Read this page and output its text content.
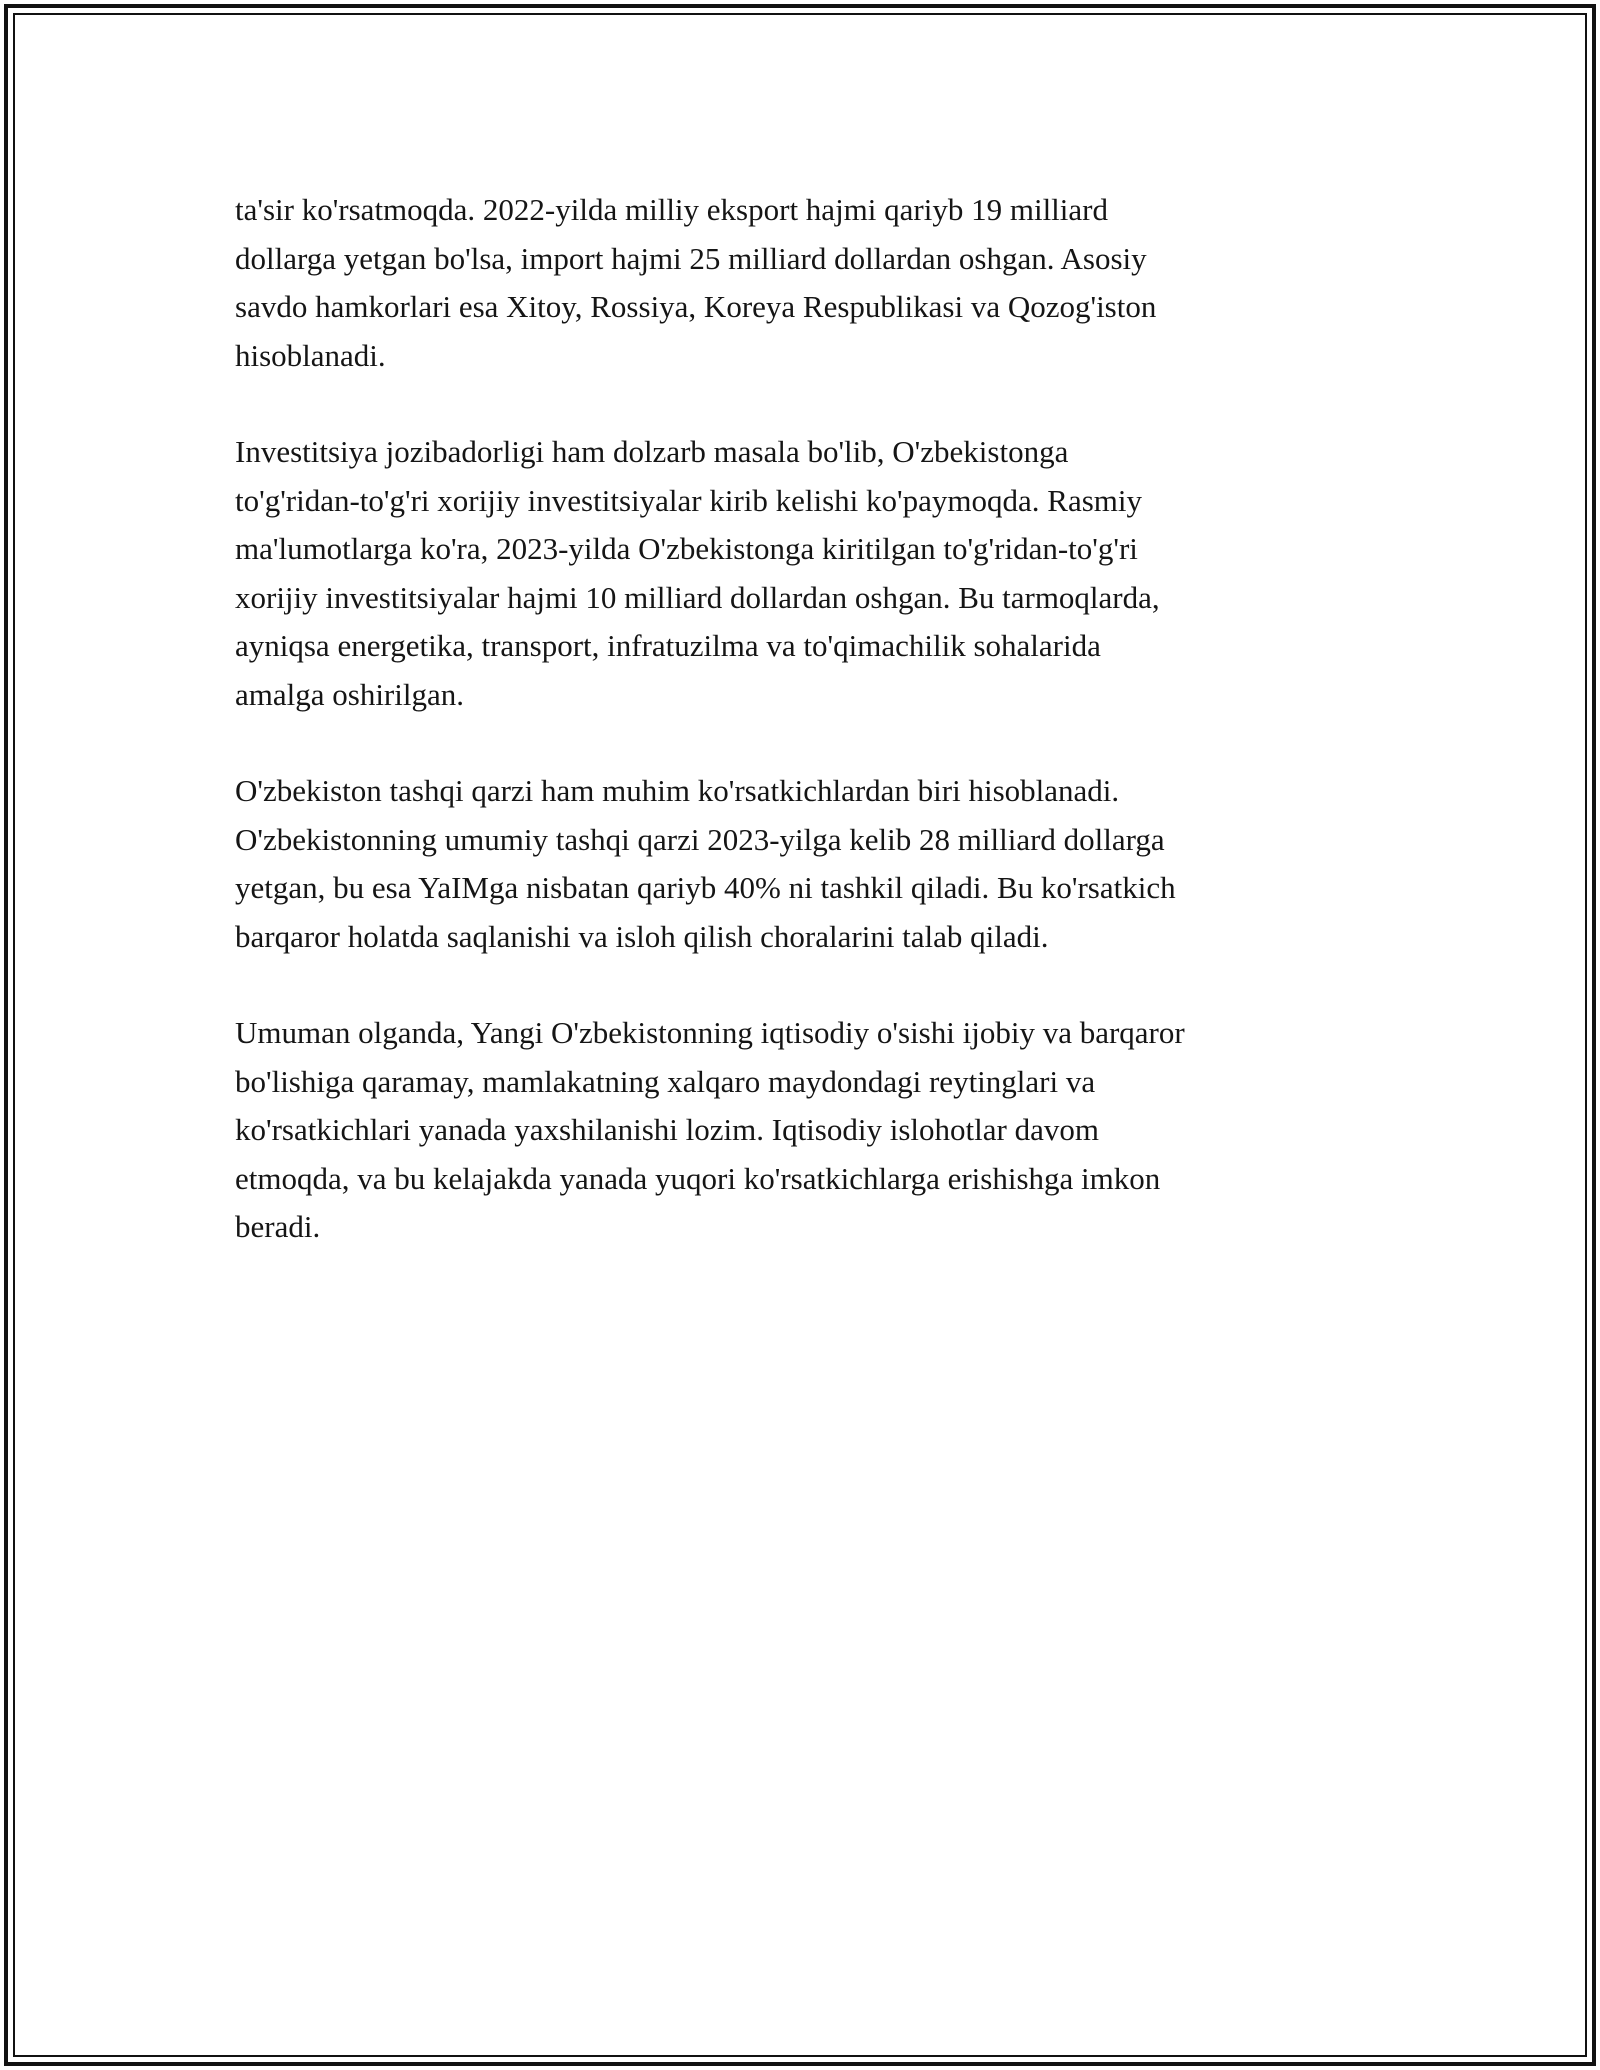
ta'sir ko'rsatmoqda. 2022-yilda milliy eksport hajmi qariyb 19 milliard
dollarga yetgan bo'lsa, import hajmi 25 milliard dollardan oshgan. Asosiy
savdo hamkorlari esa Xitoy, Rossiya, Koreya Respublikasi va Qozog'iston
hisoblanadi.

Investitsiya jozibadorligi ham dolzarb masala bo'lib, O'zbekistonga
to'g'ridan-to'g'ri xorijiy investitsiyalar kirib kelishi ko'paymoqda. Rasmiy
ma'lumotlarga ko'ra, 2023-yilda O'zbekistonga kiritilgan to'g'ridan-to'g'ri
xorijiy investitsiyalar hajmi 10 milliard dollardan oshgan. Bu tarmoqlarda,
ayniqsa energetika, transport, infratuzilma va to'qimachilik sohalarida
amalga oshirilgan.

O'zbekiston tashqi qarzi ham muhim ko'rsatkichlardan biri hisoblanadi.
O'zbekistonning umumiy tashqi qarzi 2023-yilga kelib 28 milliard dollarga
yetgan, bu esa YaIMga nisbatan qariyb 40% ni tashkil qiladi. Bu ko'rsatkich
barqaror holatda saqlanishi va isloh qilish choralarini talab qiladi.

Umuman olganda, Yangi O'zbekistonning iqtisodiy o'sishi ijobiy va barqaror
bo'lishiga qaramay, mamlakatning xalqaro maydondagi reytinglari va
ko'rsatkichlari yanada yaxshilanishi lozim. Iqtisodiy islohotlar davom
etmoqda, va bu kelajakda yanada yuqori ko'rsatkichlarga erishishga imkon
beradi.
